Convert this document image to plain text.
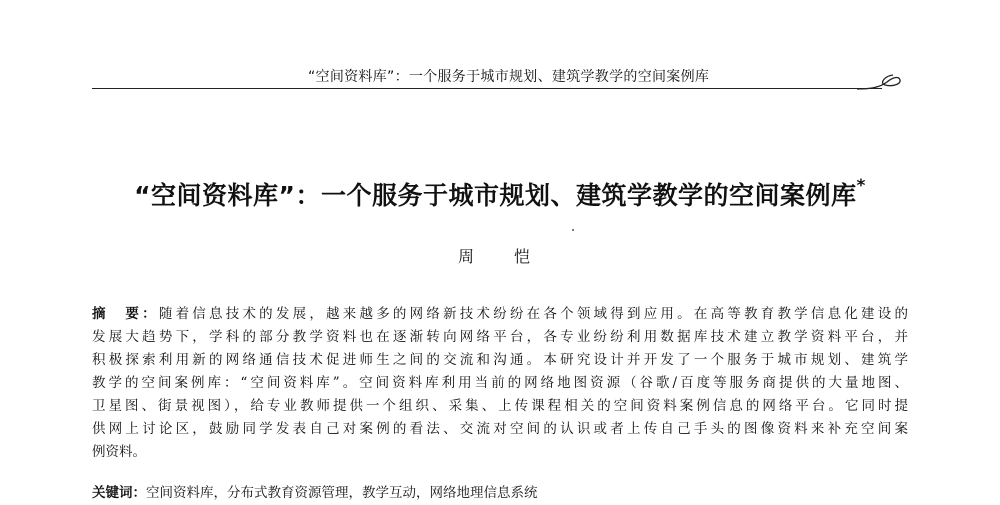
“空间资料库”：一个服务于城市规划、建筑学教学的空间案例库
“空间资料库”：一个服务于城市规划、建筑学教学的空间案例库*
周　恺
摘　要：随着信息技术的发展，越来越多的网络新技术纷纷在各个领域得到应用。在高等教育教学信息化建设的
发展大趋势下，学科的部分教学资料也在逐渐转向网络平台，各专业纷纷利用数据库技术建立教学资料平台，并
积极探索利用新的网络通信技术促进师生之间的交流和沟通。本研究设计并开发了一个服务于城市规划、建筑学
教学的空间案例库：“空间资料库”。空间资料库利用当前的网络地图资源（谷歌/百度等服务商提供的大量地图、
卫星图、街景视图），给专业教师提供一个组织、采集、上传课程相关的空间资料案例信息的网络平台。它同时提
供网上讨论区，鼓励同学发表自己对案例的看法、交流对空间的认识或者上传自己手头的图像资料来补充空间案
例资料。
关键词：空间资料库，分布式教育资源管理，教学互动，网络地理信息系统
